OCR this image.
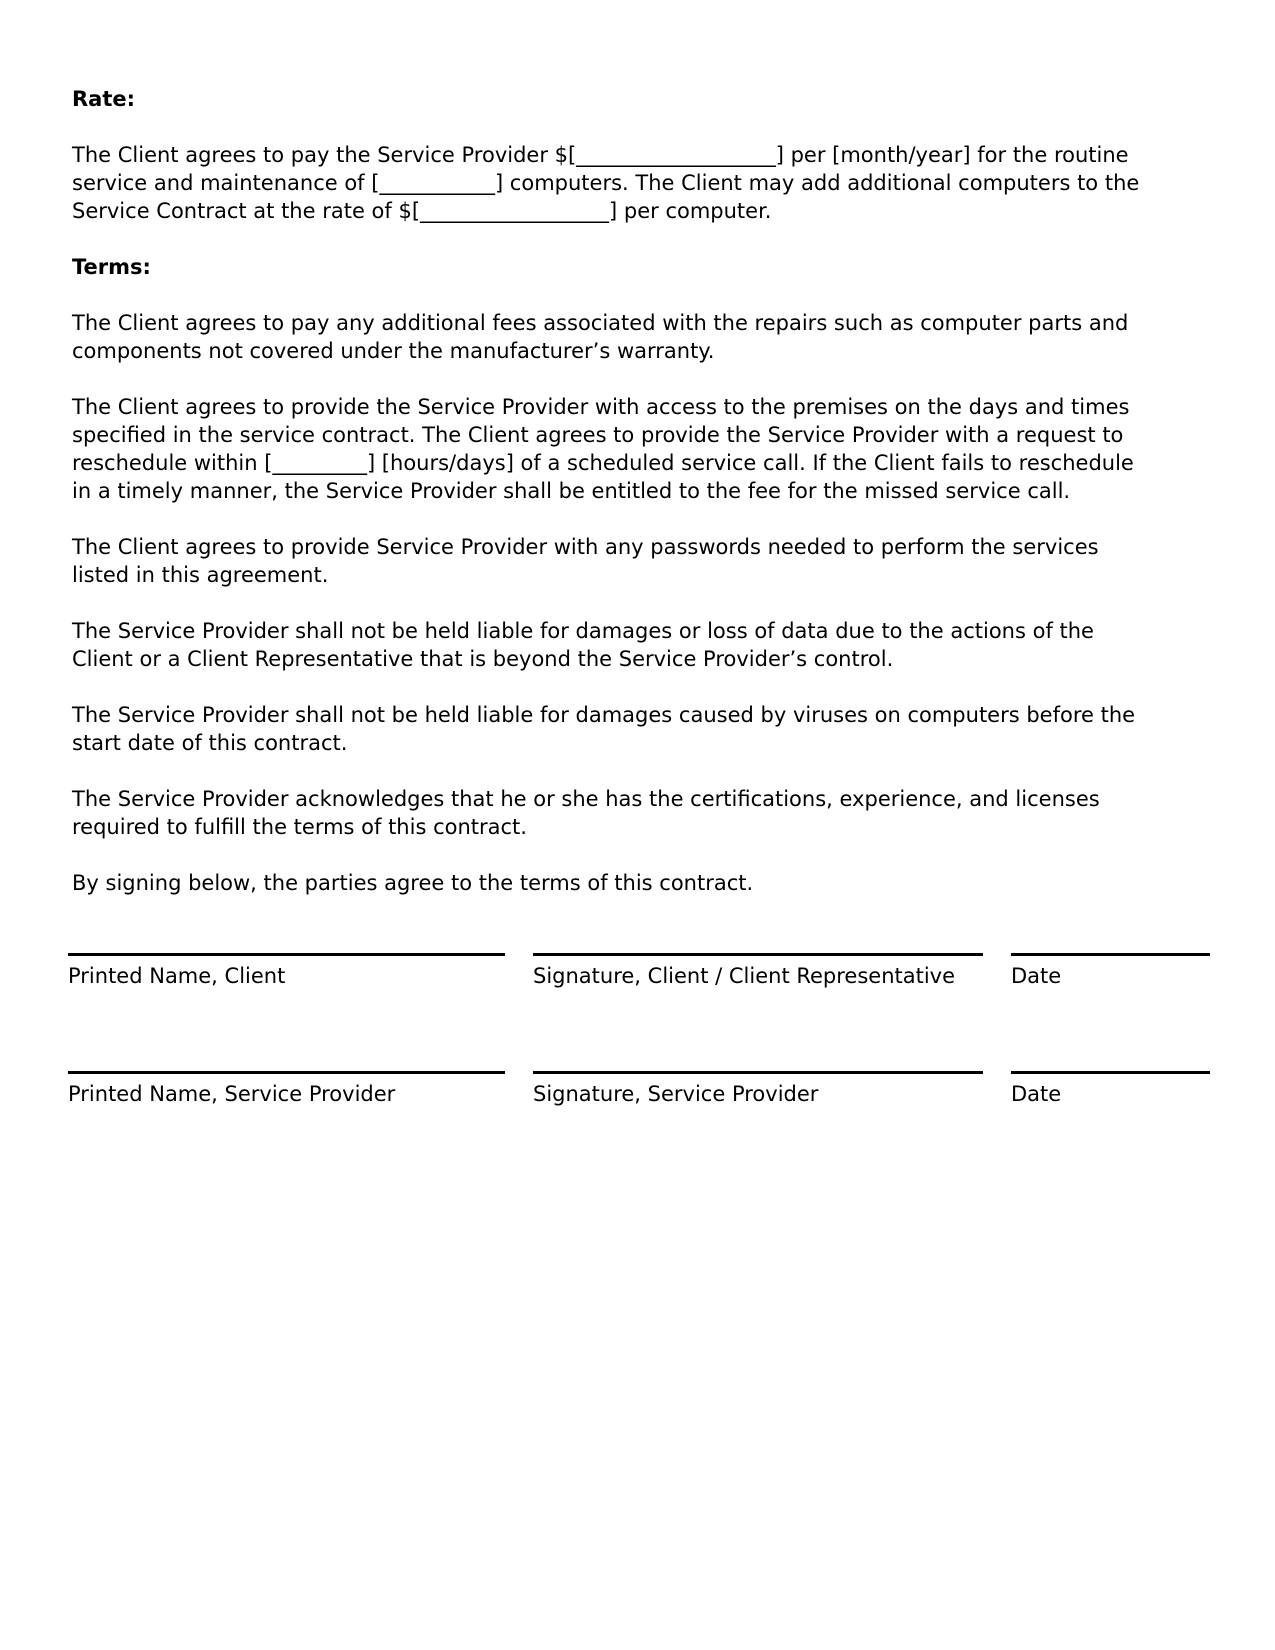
Rate:

The Client agrees to pay the Service Provider $[___________________] per [month/year] for the routine service and maintenance of [___________] computers. The Client may add additional computers to the Service Contract at the rate of $[__________________] per computer.

Terms:

The Client agrees to pay any additional fees associated with the repairs such as computer parts and components not covered under the manufacturer’s warranty.

The Client agrees to provide the Service Provider with access to the premises on the days and times specified in the service contract. The Client agrees to provide the Service Provider with a request to reschedule within [_________] [hours/days] of a scheduled service call. If the Client fails to reschedule in a timely manner, the Service Provider shall be entitled to the fee for the missed service call.

The Client agrees to provide Service Provider with any passwords needed to perform the services listed in this agreement.

The Service Provider shall not be held liable for damages or loss of data due to the actions of the Client or a Client Representative that is beyond the Service Provider’s control.

The Service Provider shall not be held liable for damages caused by viruses on computers before the start date of this contract.

The Service Provider acknowledges that he or she has the certifications, experience, and licenses required to fulfill the terms of this contract.

By signing below, the parties agree to the terms of this contract.

Printed Name, Client	Signature, Client / Client Representative	Date
Printed Name, Service Provider	Signature, Service Provider	Date
